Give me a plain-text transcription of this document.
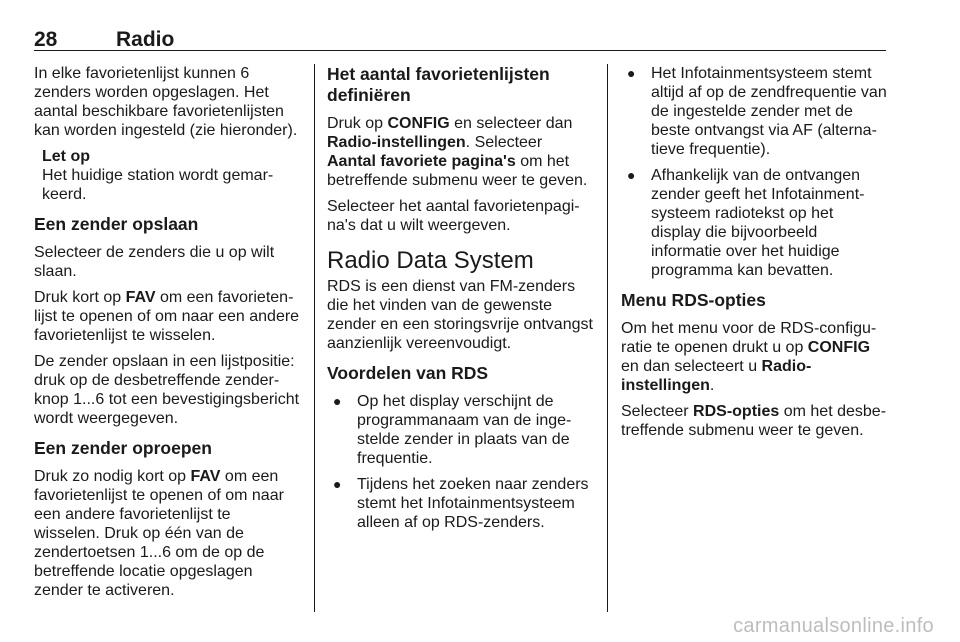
28	Radio

In elke favorietenlijst kunnen 6 zenders worden opgeslagen. Het aantal beschikbare favorietenlijsten kan worden ingesteld (zie hieronder).

Let op
Het huidige station wordt gemarkeerd.
Een zender opslaan

Selecteer de zenders die u op wilt slaan.

Druk kort op FAV om een favorietenlijst te openen of om naar een andere favorietenlijst te wisselen.

De zender opslaan in een lijstpositie: druk op de desbetreffende zenderknop 1...6 tot een bevestigingsbericht wordt weergegeven.

Een zender oproepen

Druk zo nodig kort op FAV om een favorietenlijst te openen of om naar een andere favorietenlijst te wisselen. Druk op één van de zendertoetsen 1...6 om de op de betreffende locatie opgeslagen zender te activeren.

Het aantal favorietenlijsten definiëren

Druk op CONFIG en selecteer dan Radio-instellingen. Selecteer Aantal favoriete pagina's om het betreffende submenu weer te geven.

Selecteer het aantal favorietenpagina's dat u wilt weergeven.

Radio Data System

RDS is een dienst van FM-zenders die het vinden van de gewenste zender en een storingsvrije ontvangst aanzienlijk vereenvoudigt.

Voordelen van RDS
● Op het display verschijnt de programmanaam van de ingestelde zender in plaats van de frequentie.
● Tijdens het zoeken naar zenders stemt het Infotainmentsysteem alleen af op RDS-zenders.
● Het Infotainmentsysteem stemt altijd af op de zendfrequentie van de ingestelde zender met de beste ontvangst via AF (alternatieve frequentie).
● Afhankelijk van de ontvangen zender geeft het Infotainmentsysteem radiotekst op het display die bijvoorbeeld informatie over het huidige programma kan bevatten.
Menu RDS-opties

Om het menu voor de RDS-configuratie te openen drukt u op CONFIG en dan selecteert u Radio-instellingen.

Selecteer RDS-opties om het desbetreffende submenu weer te geven.

carmanualsonline.info
